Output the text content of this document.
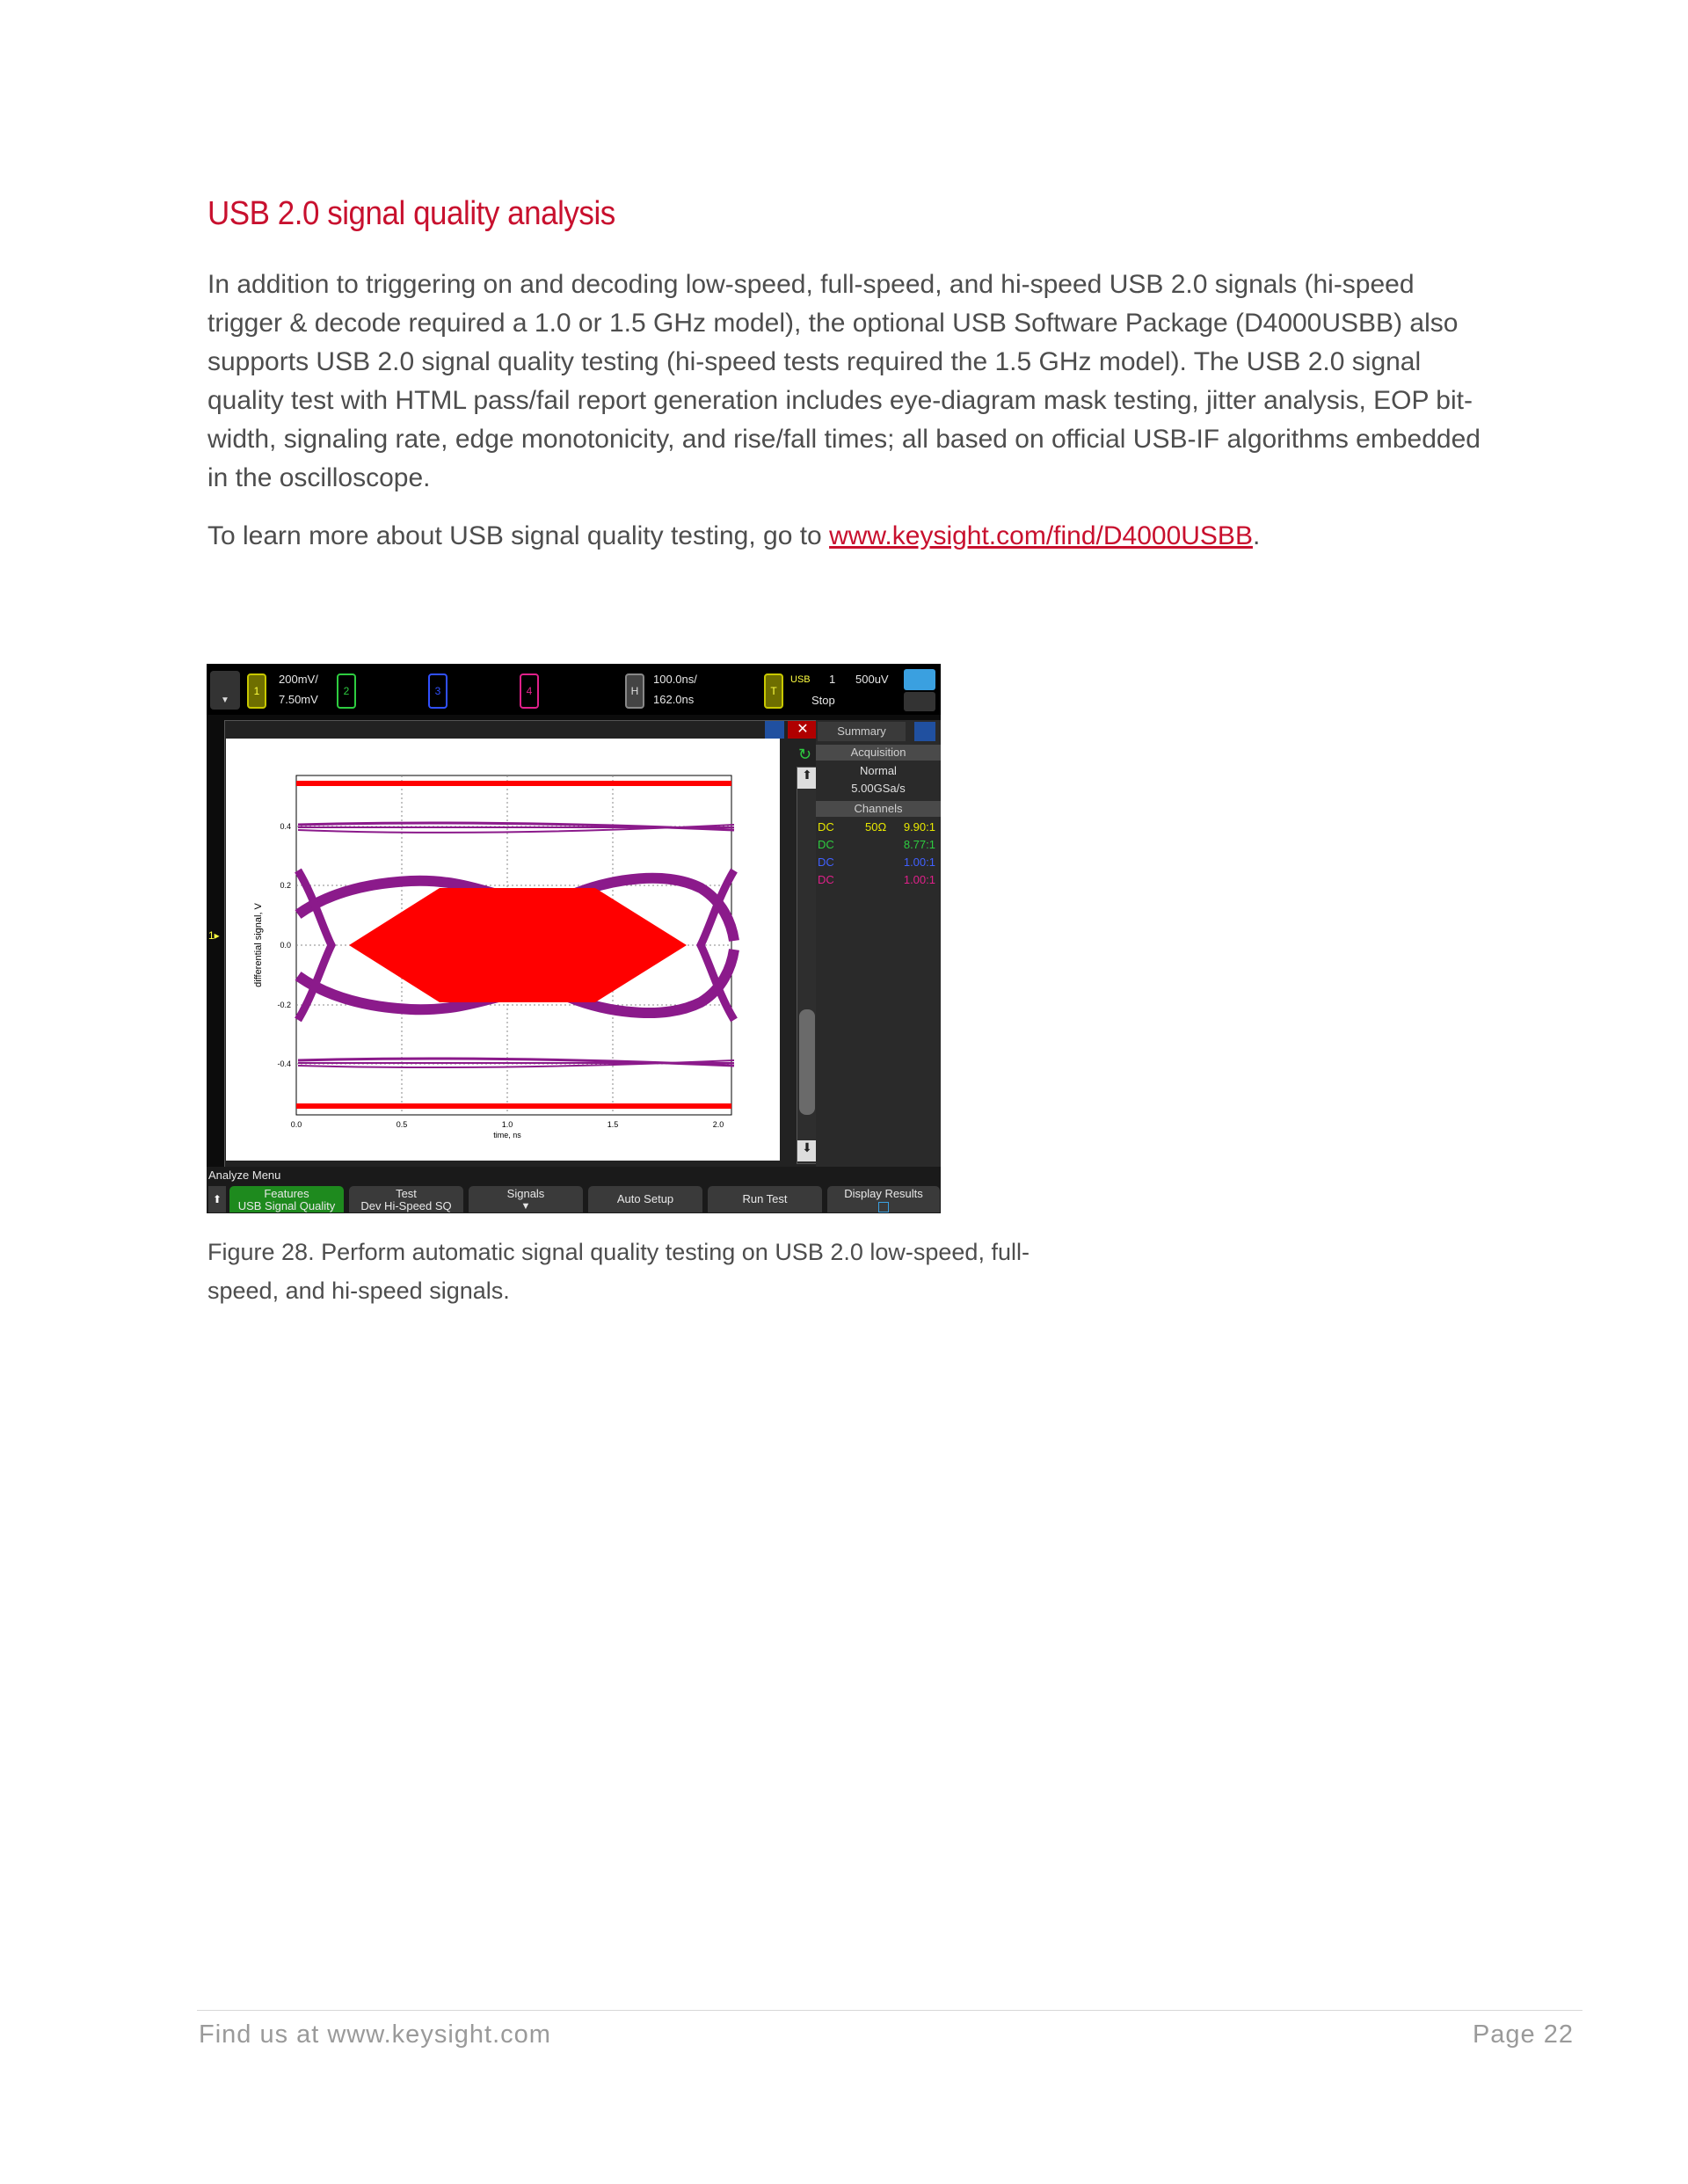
USB 2.0 signal quality analysis
In addition to triggering on and decoding low-speed, full-speed, and hi-speed USB 2.0 signals (hi-speed trigger & decode required a 1.0 or 1.5 GHz model), the optional USB Software Package (D4000USBB) also supports USB 2.0 signal quality testing (hi-speed tests required the 1.5 GHz model). The USB 2.0 signal quality test with HTML pass/fail report generation includes eye-diagram mask testing, jitter analysis, EOP bit-width, signaling rate, edge monotonicity, and rise/fall times; all based on official USB-IF algorithms embedded in the oscilloscope.
To learn more about USB signal quality testing, go to www.keysight.com/find/D4000USBB.
▼
1
200mV/
7.50mV
2	3	4	H
100.0ns/
162.0ns
T
USB 1 500uV
Stop
✕
↻
⬆
⬇
differential signal, V
0.4
0.2
0.0
-0.2
-0.4
0.0	0.5	1.0	1.5	2.0
time, ns
1▸
Summary
Acquisition
Normal
5.00GSa/s
Channels
DC	50Ω 9.90:1
DC	8.77:1
DC	1.00:1
DC	1.00:1
Analyze Menu
⬆	Features
USB Signal Quality
Test
Dev Hi-Speed SQ
Signals
▼
Auto Setup	Run Test	Display Results
Figure 28. Perform automatic signal quality testing on USB 2.0 low-speed, full-speed, and hi-speed signals.
Find us at www.keysight.com	Page 22
